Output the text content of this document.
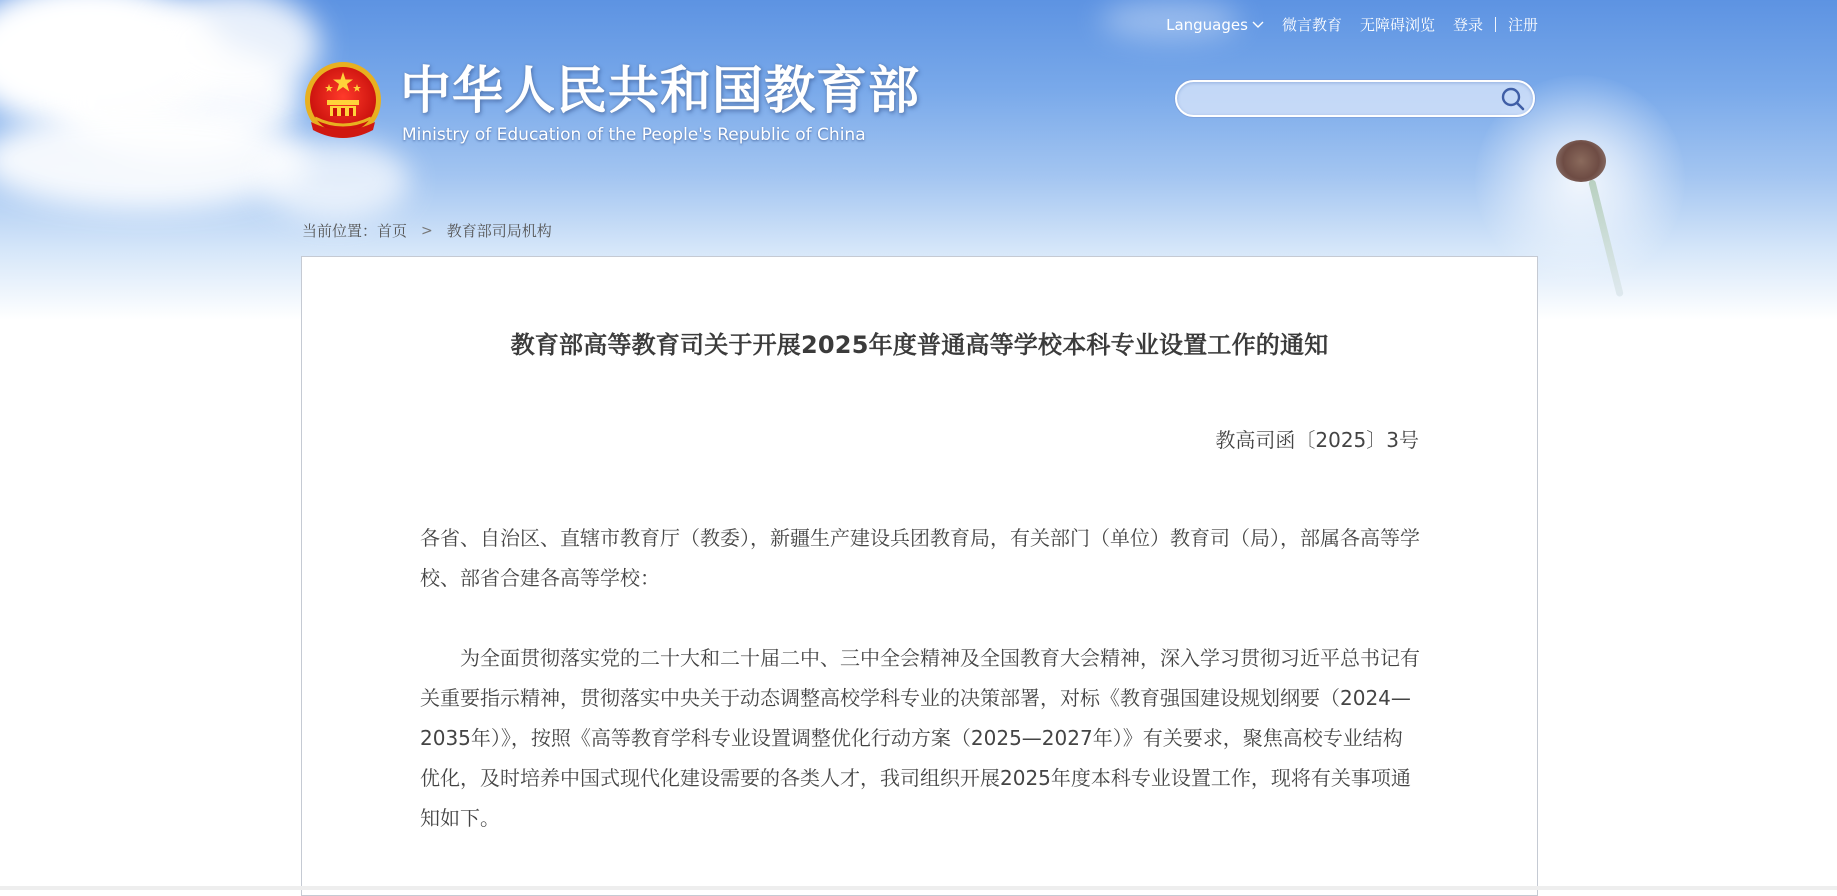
Languages 微言教育 无障碍浏览 登录 注册
中华人民共和国教育部
Ministry of Education of the People's Republic of China
当前位置： 首页 > 教育部司局机构
教育部高等教育司关于开展2025年度普通高等学校本科专业设置工作的通知
教高司函〔2025〕3号

各省、自治区、直辖市教育厅（教委），新疆生产建设兵团教育局，有关部门（单位）教育司（局），部属各高等学校、部省合建各高等学校：

为全面贯彻落实党的二十大和二十届二中、三中全会精神及全国教育大会精神，深入学习贯彻习近平总书记有关重要指示精神，贯彻落实中央关于动态调整高校学科专业的决策部署，对标《教育强国建设规划纲要（2024—2035年）》，按照《高等教育学科专业设置调整优化行动方案（2025—2027年）》有关要求，聚焦高校专业结构优化，及时培养中国式现代化建设需要的各类人才，我司组织开展2025年度本科专业设置工作，现将有关事项通知如下。
